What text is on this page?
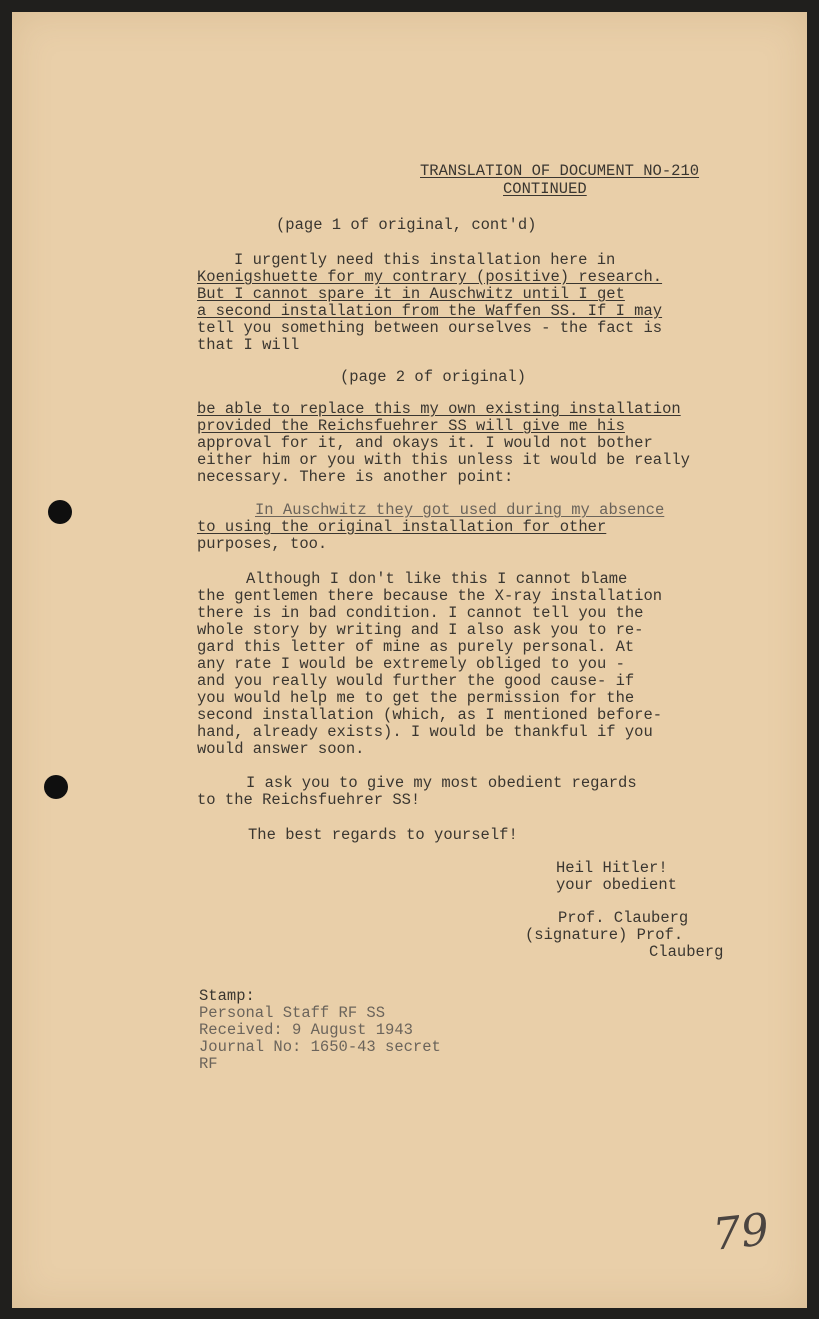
TRANSLATION OF DOCUMENT NO-210

CONTINUED

(page 1 of original, cont'd)

I urgently need this installation here in

Koenigshuette for my contrary (positive) research.

But I cannot spare it in Auschwitz until I get

a second installation from the Waffen SS. If I may

tell you something between ourselves - the fact is

that I will

(page 2 of original)

be able to replace this my own existing installation

provided the Reichsfuehrer SS will give me his

approval for it, and okays it. I would not bother

either him or you with this unless it would be really

necessary. There is another point:

In Auschwitz they got used during my absence

to using the original installation for other

purposes, too.

Although I don't like this I cannot blame

the gentlemen there because the X-ray installation

there is in bad condition. I cannot tell you the

whole story by writing and I also ask you to re-

gard this letter of mine as purely personal. At

any rate I would be extremely obliged to you -

and you really would further the good cause- if

you would help me to get the permission for the

second installation (which, as I mentioned before-

hand, already exists). I would be thankful if you

would answer soon.

I ask you to give my most obedient regards

to the Reichsfuehrer SS!

The best regards to yourself!

Heil Hitler!

your obedient

Prof. Clauberg

(signature) Prof.

Clauberg

Stamp:

Personal Staff RF SS

Received: 9 August 1943

Journal No: 1650-43 secret

RF

79
